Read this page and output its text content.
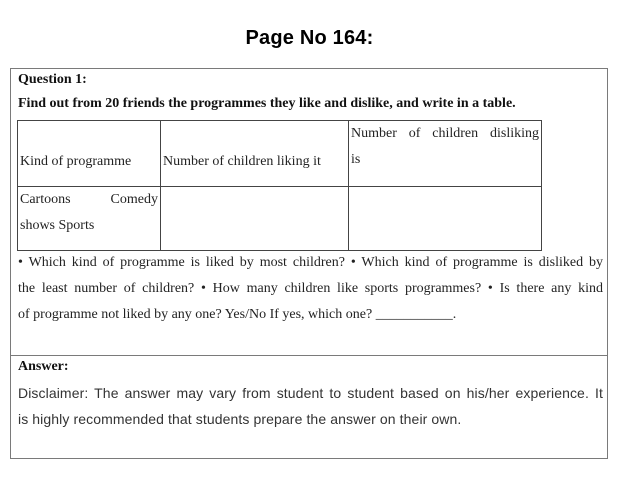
Page No 164:
Question 1:
Find out from 20 friends the programmes they like and dislike, and write in a table.
Kind of programme	Number of children liking it	Number of children disliking
is

Cartoons Comedy
shows Sports		

• Which kind of programme is liked by most children? • Which kind of programme is disliked by
the least number of children? • How many children like sports programmes? • Is there any kind
of programme not liked by any one? Yes/No If yes, which one? ___________.
Answer:
Disclaimer: The answer may vary from student to student based on his/her experience. It
is highly recommended that students prepare the answer on their own.
